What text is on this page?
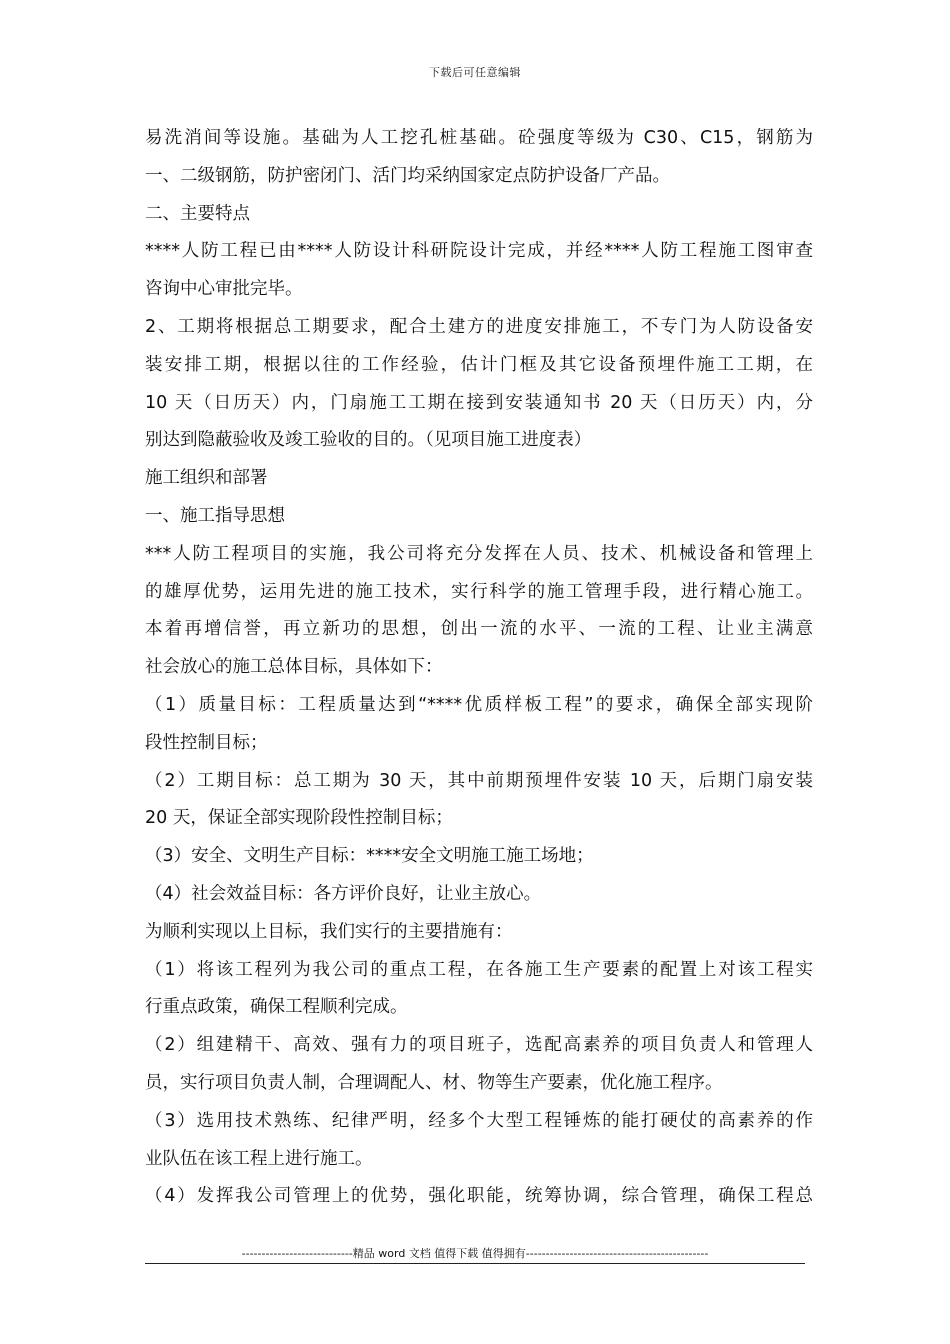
下载后可任意编辑
易洗消间等设施。基础为人工挖孔桩基础。砼强度等级为 C30、C15，钢筋为
一、二级钢筋，防护密闭门、活门均采纳国家定点防护设备厂产品。
二、主要特点
****人防工程已由****人防设计科研院设计完成，并经****人防工程施工图审查
咨询中心审批完毕。
2、工期将根据总工期要求，配合土建方的进度安排施工，不专门为人防设备安
装安排工期，根据以往的工作经验，估计门框及其它设备预埋件施工工期，在
10 天（日历天）内，门扇施工工期在接到安装通知书 20 天（日历天）内，分
别达到隐蔽验收及竣工验收的目的。（见项目施工进度表）
施工组织和部署
一、施工指导思想
***人防工程项目的实施，我公司将充分发挥在人员、技术、机械设备和管理上
的雄厚优势，运用先进的施工技术，实行科学的施工管理手段，进行精心施工。
本着再增信誉，再立新功的思想，创出一流的水平、一流的工程、让业主满意
社会放心的施工总体目标，具体如下：
（1）质量目标：工程质量达到“****优质样板工程”的要求，确保全部实现阶
段性控制目标；
（2）工期目标：总工期为 30 天，其中前期预埋件安装 10 天，后期门扇安装
20 天，保证全部实现阶段性控制目标；
（3）安全、文明生产目标：****安全文明施工施工场地；
（4）社会效益目标：各方评价良好，让业主放心。
为顺利实现以上目标，我们实行的主要措施有：
（1）将该工程列为我公司的重点工程，在各施工生产要素的配置上对该工程实
行重点政策，确保工程顺利完成。
（2）组建精干、高效、强有力的项目班子，选配高素养的项目负责人和管理人
员，实行项目负责人制，合理调配人、材、物等生产要素，优化施工程序。
（3）选用技术熟练、纪律严明，经多个大型工程锤炼的能打硬仗的高素养的作
业队伍在该工程上进行施工。
（4）发挥我公司管理上的优势，强化职能，统筹协调，综合管理，确保工程总
----------------------------精品 word 文档 值得下载 值得拥有----------------------------------------------
